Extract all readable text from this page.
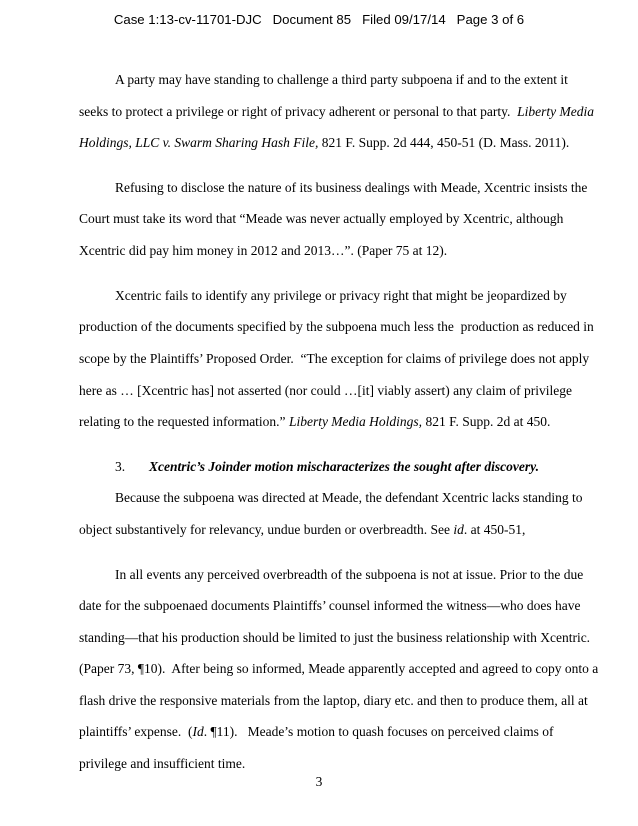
Case 1:13-cv-11701-DJC   Document 85   Filed 09/17/14   Page 3 of 6
A party may have standing to challenge a third party subpoena if and to the extent it
seeks to protect a privilege or right of privacy adherent or personal to that party. Liberty Media
Holdings, LLC v. Swarm Sharing Hash File, 821 F. Supp. 2d 444, 450-51 (D. Mass. 2011).
Refusing to disclose the nature of its business dealings with Meade, Xcentric insists the
Court must take its word that “Meade was never actually employed by Xcentric, although
Xcentric did pay him money in 2012 and 2013…”. (Paper 75 at 12).
Xcentric fails to identify any privilege or privacy right that might be jeopardized by
production of the documents specified by the subpoena much less the  production as reduced in
scope by the Plaintiffs’ Proposed Order.  “The exception for claims of privilege does not apply
here as … [Xcentric has] not asserted (nor could …[it] viably assert) any claim of privilege
relating to the requested information.” Liberty Media Holdings, 821 F. Supp. 2d at 450.
3. Xcentric’s Joinder motion mischaracterizes the sought after discovery.
Because the subpoena was directed at Meade, the defendant Xcentric lacks standing to
object substantively for relevancy, undue burden or overbreadth. See id. at 450-51,
In all events any perceived overbreadth of the subpoena is not at issue. Prior to the due
date for the subpoenaed documents Plaintiffs’ counsel informed the witness—who does have
standing—that his production should be limited to just the business relationship with Xcentric.
(Paper 73, ¶10).  After being so informed, Meade apparently accepted and agreed to copy onto a
flash drive the responsive materials from the laptop, diary etc. and then to produce them, all at
plaintiffs’ expense.  (Id. ¶11).   Meade’s motion to quash focuses on perceived claims of
privilege and insufficient time.
3
